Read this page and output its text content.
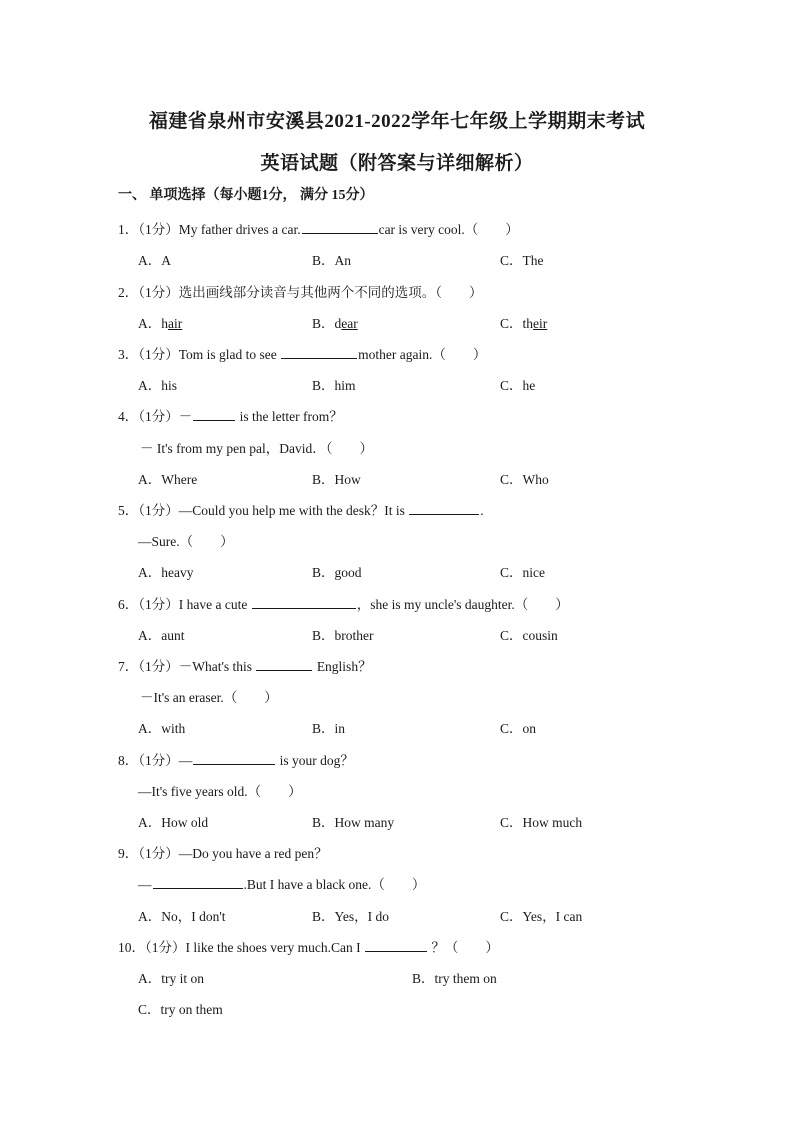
福建省泉州市安溪县2021-2022学年七年级上学期期末考试
英语试题（附答案与详细解析）
一、 单项选择（每小题1分， 满分 15分）
1．（1分）My father drives a car.	car is very cool.（　　）
A．A	B．An	C．The
2．（1分）选出画线部分读音与其他两个不同的选项。（　　）
A．hair	B．dear	C．their
3．（1分）Tom is glad to see	mother again.（　　）
A．his	B．him	C．he
4．（1分）－	is the letter from？
－ It's from my pen pal，David．（　　）
A．Where	B．How	C．Who
5．（1分）—Could you help me with the desk？It is	.
—Sure.（　　）
A．heavy	B．good	C．nice
6．（1分）I have a cute	，she is my uncle's daughter.（　　）
A．aunt	B．brother	C．cousin
7．（1分）－What's this	English？
－It's an eraser.（　　）
A．with	B．in	C．on
8．（1分）—	is your dog？
—It's five years old.（　　）
A．How old	B．How many	C．How much
9．（1分）—Do you have a red pen？
—	.But I have a black one.（　　）
A．No，I don't	B．Yes，I do	C．Yes，I can
10．（1分）I like the shoes very much.Can I	？（　　）
A．try it on	B．try them on
C．try on them
